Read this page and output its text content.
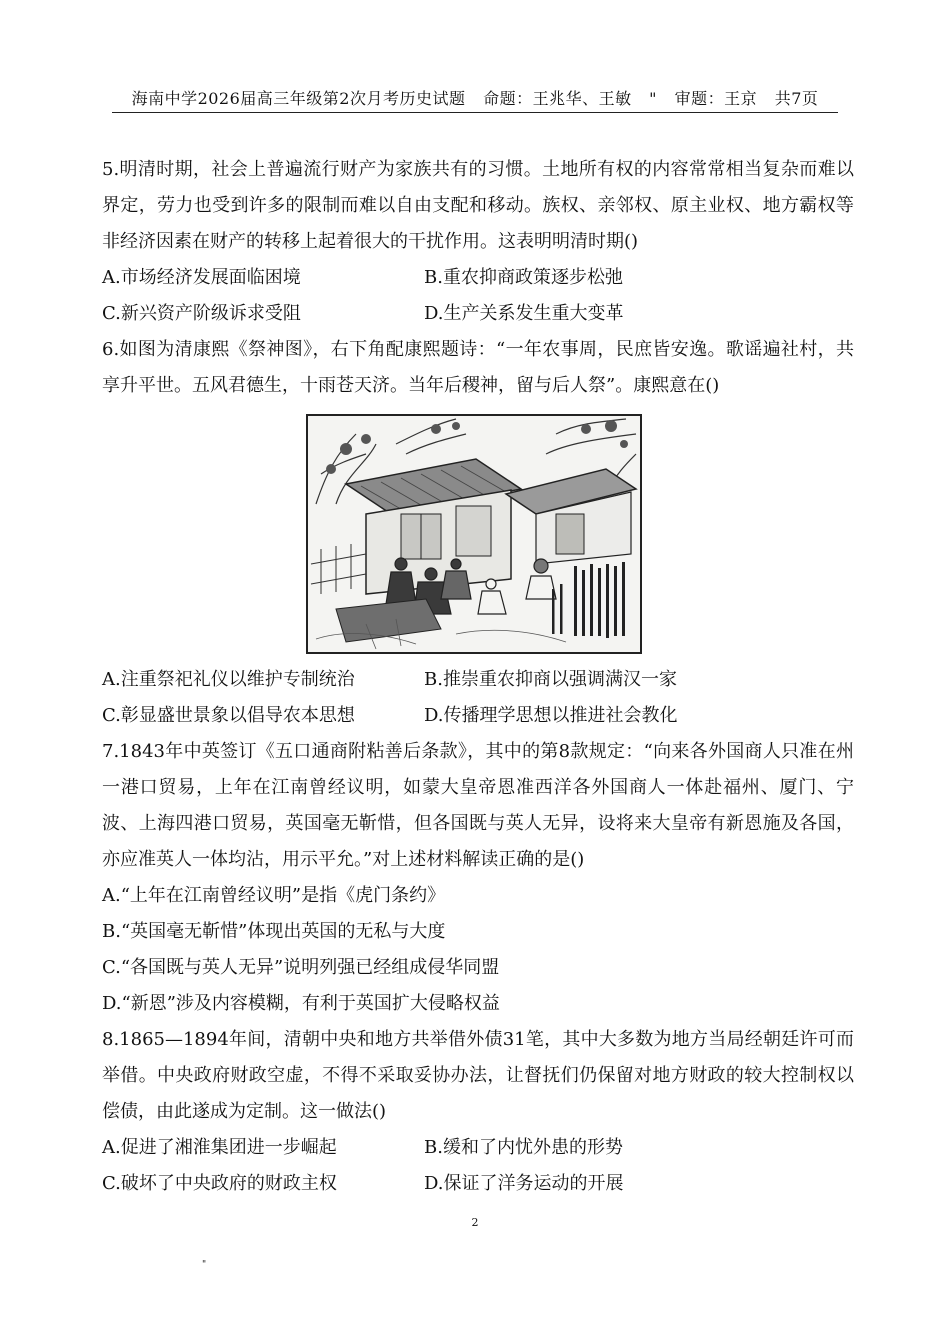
海南中学2026届高三年级第2次月考历史试题 命题：王兆华、王敏 " 审题：王京 共7页

5.明清时期，社会上普遍流行财产为家族共有的习惯。土地所有权的内容常常相当复杂而难以界定，劳力也受到许多的限制而难以自由支配和移动。族权、亲邻权、原主业权、地方霸权等非经济因素在财产的转移上起着很大的干扰作用。这表明明清时期()

A.市场经济发展面临困境	B.重农抑商政策逐步松弛
C.新兴资产阶级诉求受阻	D.生产关系发生重大变革

6.如图为清康熙《祭神图》，右下角配康熙题诗：“一年农事周，民庶皆安逸。歌谣遍社村，共享升平世。五风君德生，十雨苍天济。当年后稷神，留与后人祭”。康熙意在()

A.注重祭祀礼仪以维护专制统治	B.推崇重农抑商以强调满汉一家
C.彰显盛世景象以倡导农本思想	D.传播理学思想以推进社会教化

7.1843年中英签订《五口通商附粘善后条款》，其中的第8款规定：“向来各外国商人只准在州一港口贸易，上年在江南曾经议明，如蒙大皇帝恩准西洋各外国商人一体赴福州、厦门、宁波、上海四港口贸易，英国毫无靳惜，但各国既与英人无异，设将来大皇帝有新恩施及各国，亦应准英人一体均沾，用示平允。”对上述材料解读正确的是()

A.“上年在江南曾经议明”是指《虎门条约》
B.“英国毫无靳惜”体现出英国的无私与大度
C.“各国既与英人无异”说明列强已经组成侵华同盟
D.“新恩”涉及内容模糊，有利于英国扩大侵略权益

8.1865—1894年间，清朝中央和地方共举借外债31笔，其中大多数为地方当局经朝廷许可而举借。中央政府财政空虚，不得不采取妥协办法，让督抚们仍保留对地方财政的较大控制权以偿债，由此遂成为定制。这一做法()

A.促进了湘淮集团进一步崛起	B.缓和了内忧外患的形势
C.破坏了中央政府的财政主权	D.保证了洋务运动的开展
2
"
